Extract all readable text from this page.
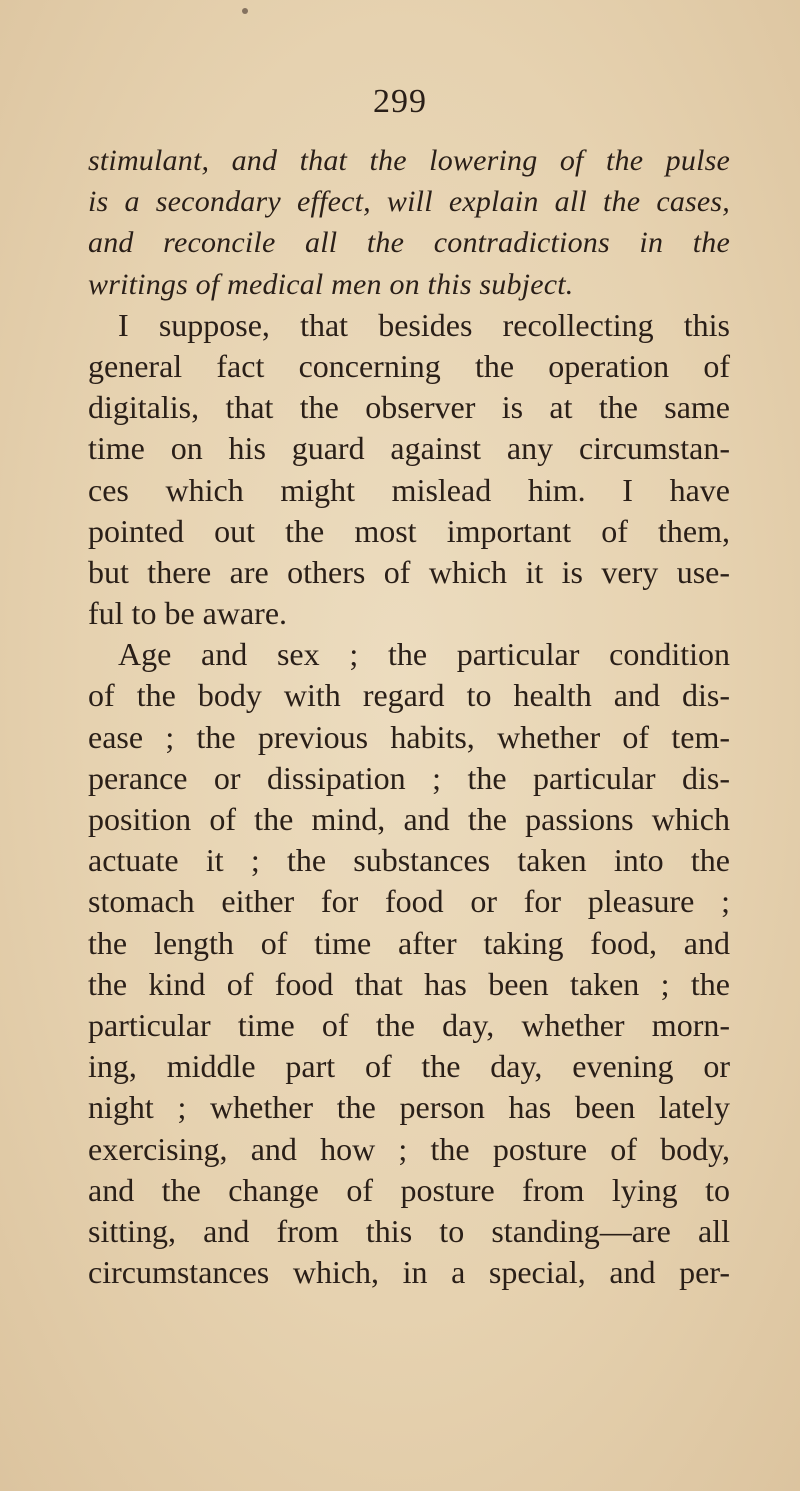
299
stimulant, and that the lowering of the pulse
is a secondary effect, will explain all the cases,
and reconcile all the contradictions in the
writings of medical men on this subject.
I suppose, that besides recollecting this
general fact concerning the operation of
digitalis, that the observer is at the same
time on his guard against any circumstan-
ces which might mislead him. I have
pointed out the most important of them,
but there are others of which it is very use-
ful to be aware.
Age and sex ; the particular condition
of the body with regard to health and dis-
ease ; the previous habits, whether of tem-
perance or dissipation ; the particular dis-
position of the mind, and the passions which
actuate it ; the substances taken into the
stomach either for food or for pleasure ;
the length of time after taking food, and
the kind of food that has been taken ; the
particular time of the day, whether morn-
ing, middle part of the day, evening or
night ; whether the person has been lately
exercising, and how ; the posture of body,
and the change of posture from lying to
sitting, and from this to standing—are all
circumstances which, in a special, and per-
